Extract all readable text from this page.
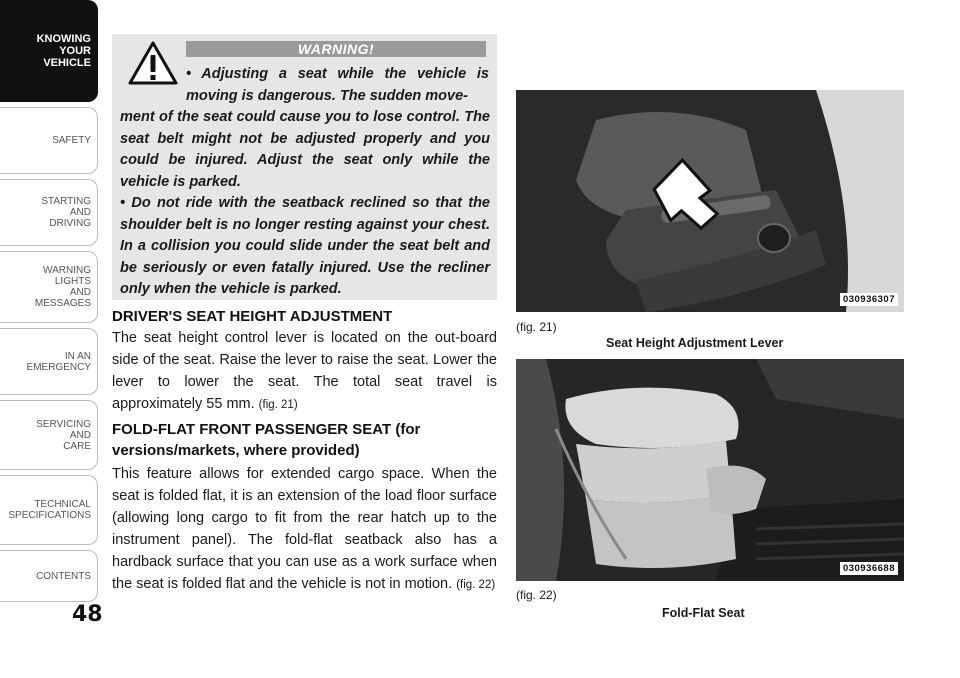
KNOWING
YOUR
VEHICLE
SAFETY
STARTING
AND
DRIVING
WARNING
LIGHTS
AND
MESSAGES
IN AN
EMERGENCY
SERVICING
AND
CARE
TECHNICAL
SPECIFICATIONS
CONTENTS
48
WARNING!
• Adjusting a seat while the vehicle is moving is dangerous. The sudden move-
ment of the seat could cause you to lose control. The seat belt might not be adjusted properly and you could be injured. Adjust the seat only while the vehicle is parked.
• Do not ride with the seatback reclined so that the shoulder belt is no longer resting against your chest. In a collision you could slide under the seat belt and be seriously or even fatally injured. Use the recliner only when the vehicle is parked.
DRIVER'S SEAT HEIGHT ADJUSTMENT
The seat height control lever is located on the out-board side of the seat. Raise the lever to raise the seat. Lower the lever to lower the seat. The total seat travel is approximately 55 mm. (fig. 21)
FOLD-FLAT FRONT PASSENGER SEAT (for versions/markets, where provided)
This feature allows for extended cargo space. When the seat is folded flat, it is an extension of the load floor surface (allowing long cargo to fit from the rear hatch up to the instrument panel). The fold-flat seatback also has a hardback surface that you can use as a work surface when the seat is folded flat and the vehicle is not in motion. (fig. 22)
030936307
(fig. 21)
Seat Height Adjustment Lever
030936688
(fig. 22)
Fold-Flat Seat
